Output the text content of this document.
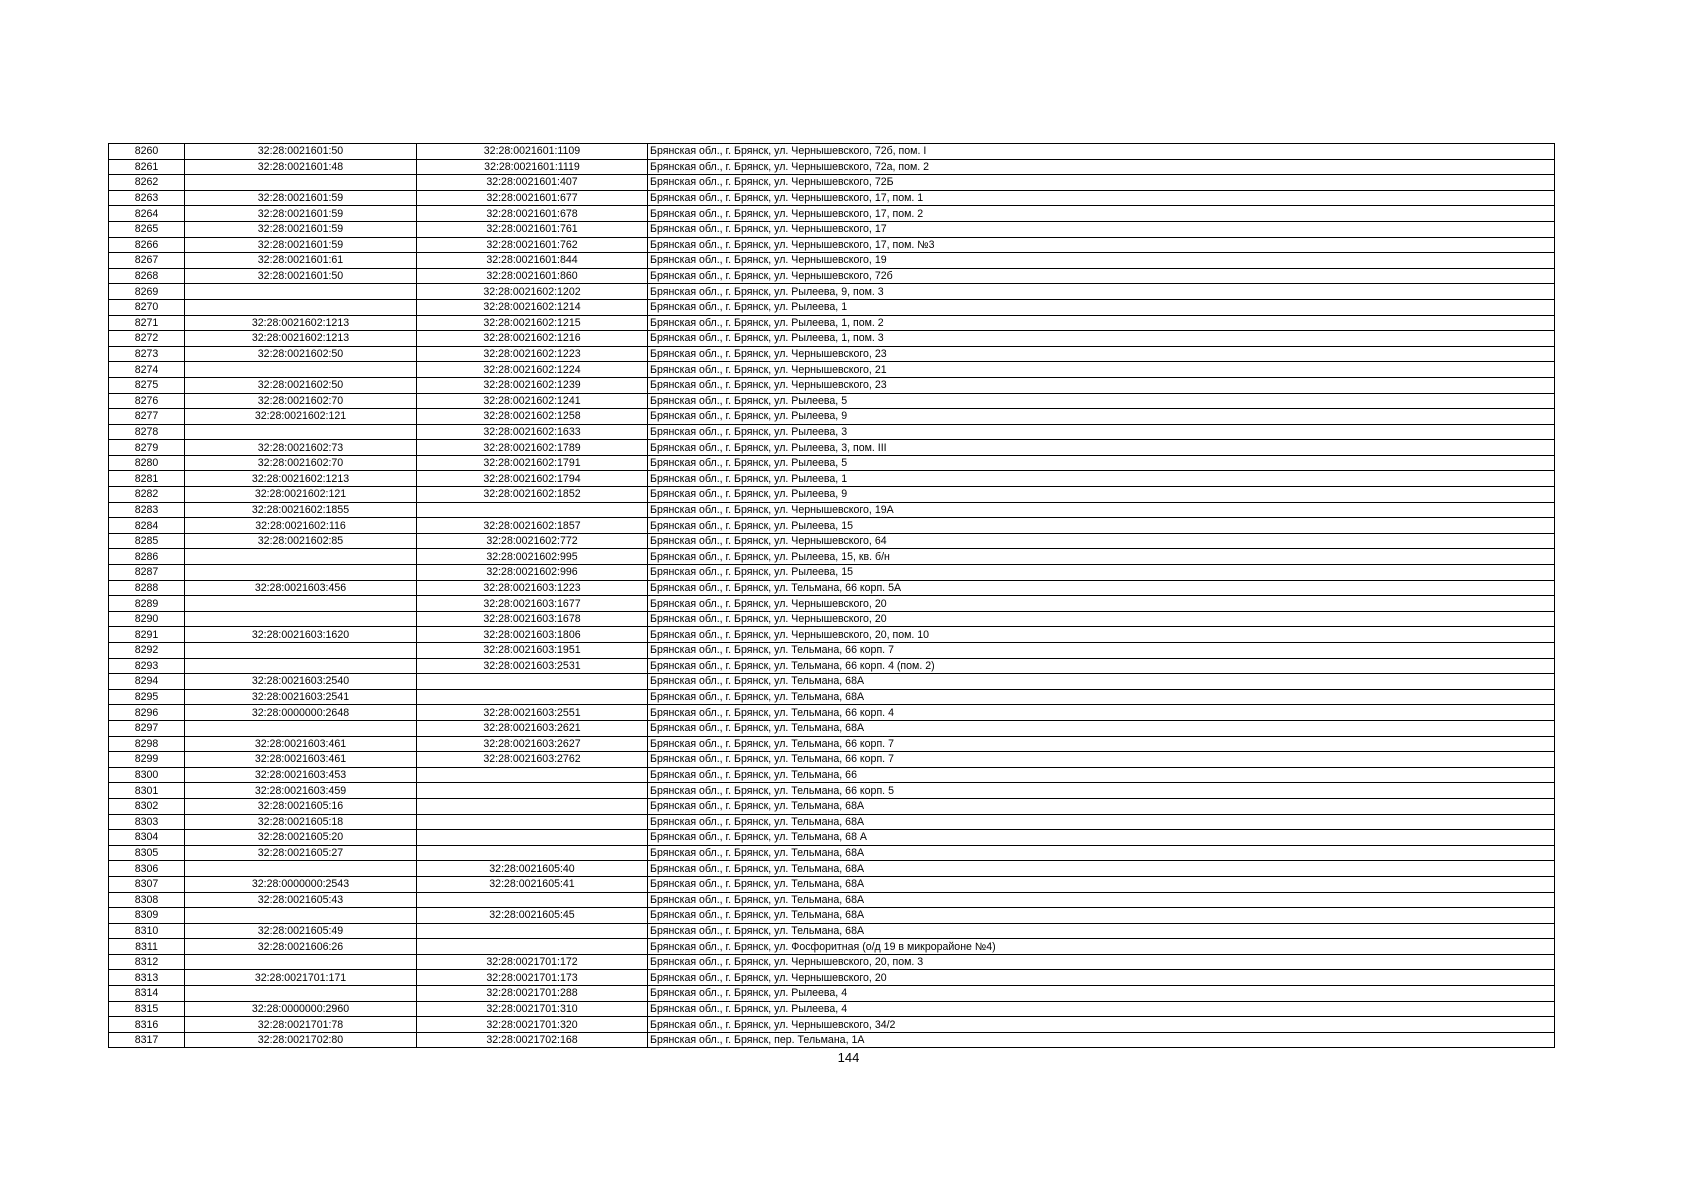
8260	32:28:0021601:50	32:28:0021601:1109	Брянская обл., г. Брянск, ул. Чернышевского, 72б, пом. I
8261	32:28:0021601:48	32:28:0021601:1119	Брянская обл., г. Брянск, ул. Чернышевского, 72а, пом. 2
8262		32:28:0021601:407	Брянская обл., г. Брянск, ул. Чернышевского, 72Б
8263	32:28:0021601:59	32:28:0021601:677	Брянская обл., г. Брянск, ул. Чернышевского, 17, пом. 1
8264	32:28:0021601:59	32:28:0021601:678	Брянская обл., г. Брянск, ул. Чернышевского, 17, пом. 2
8265	32:28:0021601:59	32:28:0021601:761	Брянская обл., г. Брянск, ул. Чернышевского, 17
8266	32:28:0021601:59	32:28:0021601:762	Брянская обл., г. Брянск, ул. Чернышевского, 17, пом. №3
8267	32:28:0021601:61	32:28:0021601:844	Брянская обл., г. Брянск, ул. Чернышевского, 19
8268	32:28:0021601:50	32:28:0021601:860	Брянская обл., г. Брянск, ул. Чернышевского, 72б
8269		32:28:0021602:1202	Брянская обл., г. Брянск, ул. Рылеева, 9, пом. 3
8270		32:28:0021602:1214	Брянская обл., г. Брянск, ул. Рылеева, 1
8271	32:28:0021602:1213	32:28:0021602:1215	Брянская обл., г. Брянск, ул. Рылеева, 1, пом. 2
8272	32:28:0021602:1213	32:28:0021602:1216	Брянская обл., г. Брянск, ул. Рылеева, 1, пом. 3
8273	32:28:0021602:50	32:28:0021602:1223	Брянская обл., г. Брянск, ул. Чернышевского, 23
8274		32:28:0021602:1224	Брянская обл., г. Брянск, ул. Чернышевского, 21
8275	32:28:0021602:50	32:28:0021602:1239	Брянская обл., г. Брянск, ул. Чернышевского, 23
8276	32:28:0021602:70	32:28:0021602:1241	Брянская обл., г. Брянск, ул. Рылеева, 5
8277	32:28:0021602:121	32:28:0021602:1258	Брянская обл., г. Брянск, ул. Рылеева, 9
8278		32:28:0021602:1633	Брянская обл., г. Брянск, ул. Рылеева, 3
8279	32:28:0021602:73	32:28:0021602:1789	Брянская обл., г. Брянск, ул. Рылеева, 3, пом. III
8280	32:28:0021602:70	32:28:0021602:1791	Брянская обл., г. Брянск, ул. Рылеева, 5
8281	32:28:0021602:1213	32:28:0021602:1794	Брянская обл., г. Брянск, ул. Рылеева, 1
8282	32:28:0021602:121	32:28:0021602:1852	Брянская обл., г. Брянск, ул. Рылеева, 9
8283	32:28:0021602:1855		Брянская обл., г. Брянск, ул. Чернышевского, 19А
8284	32:28:0021602:116	32:28:0021602:1857	Брянская обл., г. Брянск, ул. Рылеева, 15
8285	32:28:0021602:85	32:28:0021602:772	Брянская обл., г. Брянск, ул. Чернышевского, 64
8286		32:28:0021602:995	Брянская обл., г. Брянск, ул. Рылеева, 15, кв. б/н
8287		32:28:0021602:996	Брянская обл., г. Брянск, ул. Рылеева, 15
8288	32:28:0021603:456	32:28:0021603:1223	Брянская обл., г. Брянск, ул. Тельмана, 66 корп. 5А
8289		32:28:0021603:1677	Брянская обл., г. Брянск, ул. Чернышевского, 20
8290		32:28:0021603:1678	Брянская обл., г. Брянск, ул. Чернышевского, 20
8291	32:28:0021603:1620	32:28:0021603:1806	Брянская обл., г. Брянск, ул. Чернышевского, 20, пом. 10
8292		32:28:0021603:1951	Брянская обл., г. Брянск, ул. Тельмана, 66 корп. 7
8293		32:28:0021603:2531	Брянская обл., г. Брянск, ул. Тельмана, 66 корп. 4 (пом. 2)
8294	32:28:0021603:2540		Брянская обл., г. Брянск, ул. Тельмана, 68А
8295	32:28:0021603:2541		Брянская обл., г. Брянск, ул. Тельмана, 68А
8296	32:28:0000000:2648	32:28:0021603:2551	Брянская обл., г. Брянск, ул. Тельмана, 66 корп. 4
8297		32:28:0021603:2621	Брянская обл., г. Брянск, ул. Тельмана, 68А
8298	32:28:0021603:461	32:28:0021603:2627	Брянская обл., г. Брянск, ул. Тельмана, 66 корп. 7
8299	32:28:0021603:461	32:28:0021603:2762	Брянская обл., г. Брянск, ул. Тельмана, 66 корп. 7
8300	32:28:0021603:453		Брянская обл., г. Брянск, ул. Тельмана, 66
8301	32:28:0021603:459		Брянская обл., г. Брянск, ул. Тельмана, 66 корп. 5
8302	32:28:0021605:16		Брянская обл., г. Брянск, ул. Тельмана, 68А
8303	32:28:0021605:18		Брянская обл., г. Брянск, ул. Тельмана, 68А
8304	32:28:0021605:20		Брянская обл., г. Брянск, ул. Тельмана, 68 А
8305	32:28:0021605:27		Брянская обл., г. Брянск, ул. Тельмана, 68А
8306		32:28:0021605:40	Брянская обл., г. Брянск, ул. Тельмана, 68А
8307	32:28:0000000:2543	32:28:0021605:41	Брянская обл., г. Брянск, ул. Тельмана, 68А
8308	32:28:0021605:43		Брянская обл., г. Брянск, ул. Тельмана, 68А
8309		32:28:0021605:45	Брянская обл., г. Брянск, ул. Тельмана, 68А
8310	32:28:0021605:49		Брянская обл., г. Брянск, ул. Тельмана, 68А
8311	32:28:0021606:26		Брянская обл., г. Брянск, ул. Фосфоритная (о/д 19 в микрорайоне №4)
8312		32:28:0021701:172	Брянская обл., г. Брянск, ул. Чернышевского, 20, пом. 3
8313	32:28:0021701:171	32:28:0021701:173	Брянская обл., г. Брянск, ул. Чернышевского, 20
8314		32:28:0021701:288	Брянская обл., г. Брянск, ул. Рылеева, 4
8315	32:28:0000000:2960	32:28:0021701:310	Брянская обл., г. Брянск, ул. Рылеева, 4
8316	32:28:0021701:78	32:28:0021701:320	Брянская обл., г. Брянск, ул. Чернышевского, 34/2
8317	32:28:0021702:80	32:28:0021702:168	Брянская обл., г. Брянск, пер. Тельмана, 1А
144
